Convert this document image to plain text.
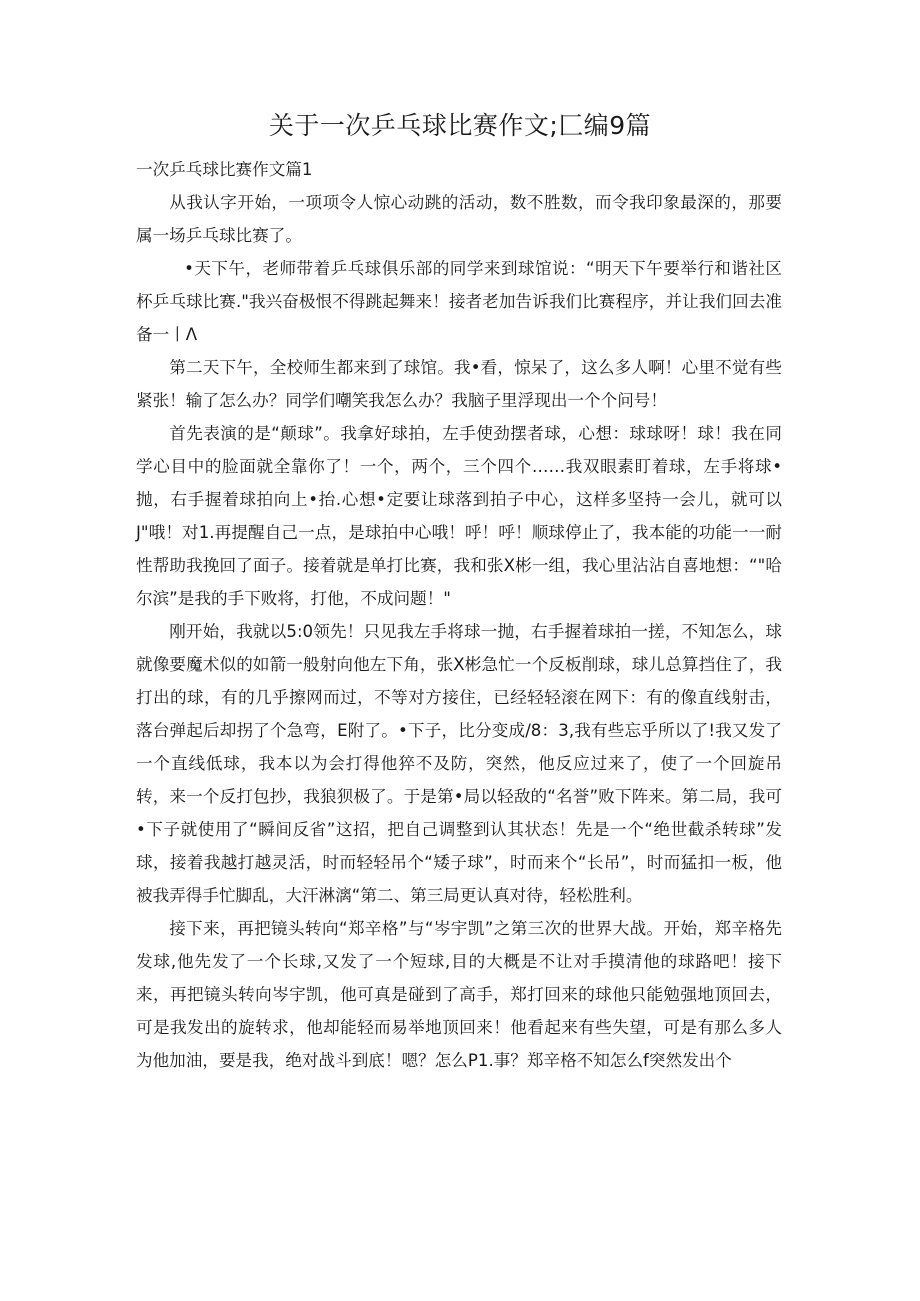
关于一次乒乓球比赛作文;匚编9篇
一次乒乓球比赛作文篇1

从我认字开始，一项项令人惊心动跳的活动，数不胜数，而令我印象最深的，那要属一场乒乓球比赛了。

•天下午，老师带着乒乓球俱乐部的同学来到球馆说：“明天下午要举行和谐社区杯乒乓球比赛."我兴奋极恨不得跳起舞来！接者老加告诉我们比赛程序，并让我们回去准备一丨Λ

第二天下午，全校师生都来到了球馆。我•看，惊呆了，这么多人啊！心里不觉有些紧张！输了怎么办？同学们嘲笑我怎么办？我脑子里浮现出一个个问号！

首先表演的是“颠球”。我拿好球拍，左手使劲摆者球，心想：球球呀！球！我在同学心目中的脸面就全靠你了！一个，两个，三个四个……我双眼素盯着球，左手将球•抛，右手握着球拍向上•抬.心想•定要让球落到拍子中心，这样多坚持一会儿，就可以J"哦！对1.再提醒自己一点，是球拍中心哦！呼！呼！顺球停止了，我本能的功能一一耐性帮助我挽回了面子。接着就是单打比赛，我和张X彬一组，我心里沾沾自喜地想：“"哈尔滨”是我的手下败将，打他，不成问题！"

刚开始，我就以5:0领先！只见我左手将球一抛，右手握着球拍一搓，不知怎么，球就像要魔术似的如箭一般射向他左下角，张X彬急忙一个反板削球，球儿总算挡住了，我打出的球，有的几乎擦网而过，不等对方接住，已经轻轻滚在网下：有的像直线射击，落台弹起后却拐了个急弯，E附了。•下子，比分变成/8：3,我有些忘乎所以了!我又发了一个直线低球，我本以为会打得他猝不及防，突然，他反应过来了，使了一个回旋吊转，来一个反打包抄，我狼狈极了。于是第•局以轻敌的“名誉”败下阵来。第二局，我可•下子就使用了“瞬间反省”这招，把自己调整到认其状态！先是一个“绝世截杀转球”发球，接着我越打越灵活，时而轻轻吊个“矮子球”，时而来个“长吊”，时而猛扣一板，他被我弄得手忙脚乱，大汗淋漓“第二、第三局更认真对待，轻松胜利。

接下来，再把镜头转向“郑辛格”与“岑宇凯”之第三次的世界大战。开始，郑辛格先发球,他先发了一个长球,又发了一个短球,目的大概是不让对手摸清他的球路吧！接下来，再把镜头转向岑宇凯，他可真是碰到了高手，郑打回来的球他只能勉强地顶回去，可是我发出的旋转求，他却能轻而易举地顶回来！他看起来有些失望，可是有那么多人为他加油，要是我，绝对战斗到底！嗯？怎么P1.事？郑辛格不知怎么f突然发出个
